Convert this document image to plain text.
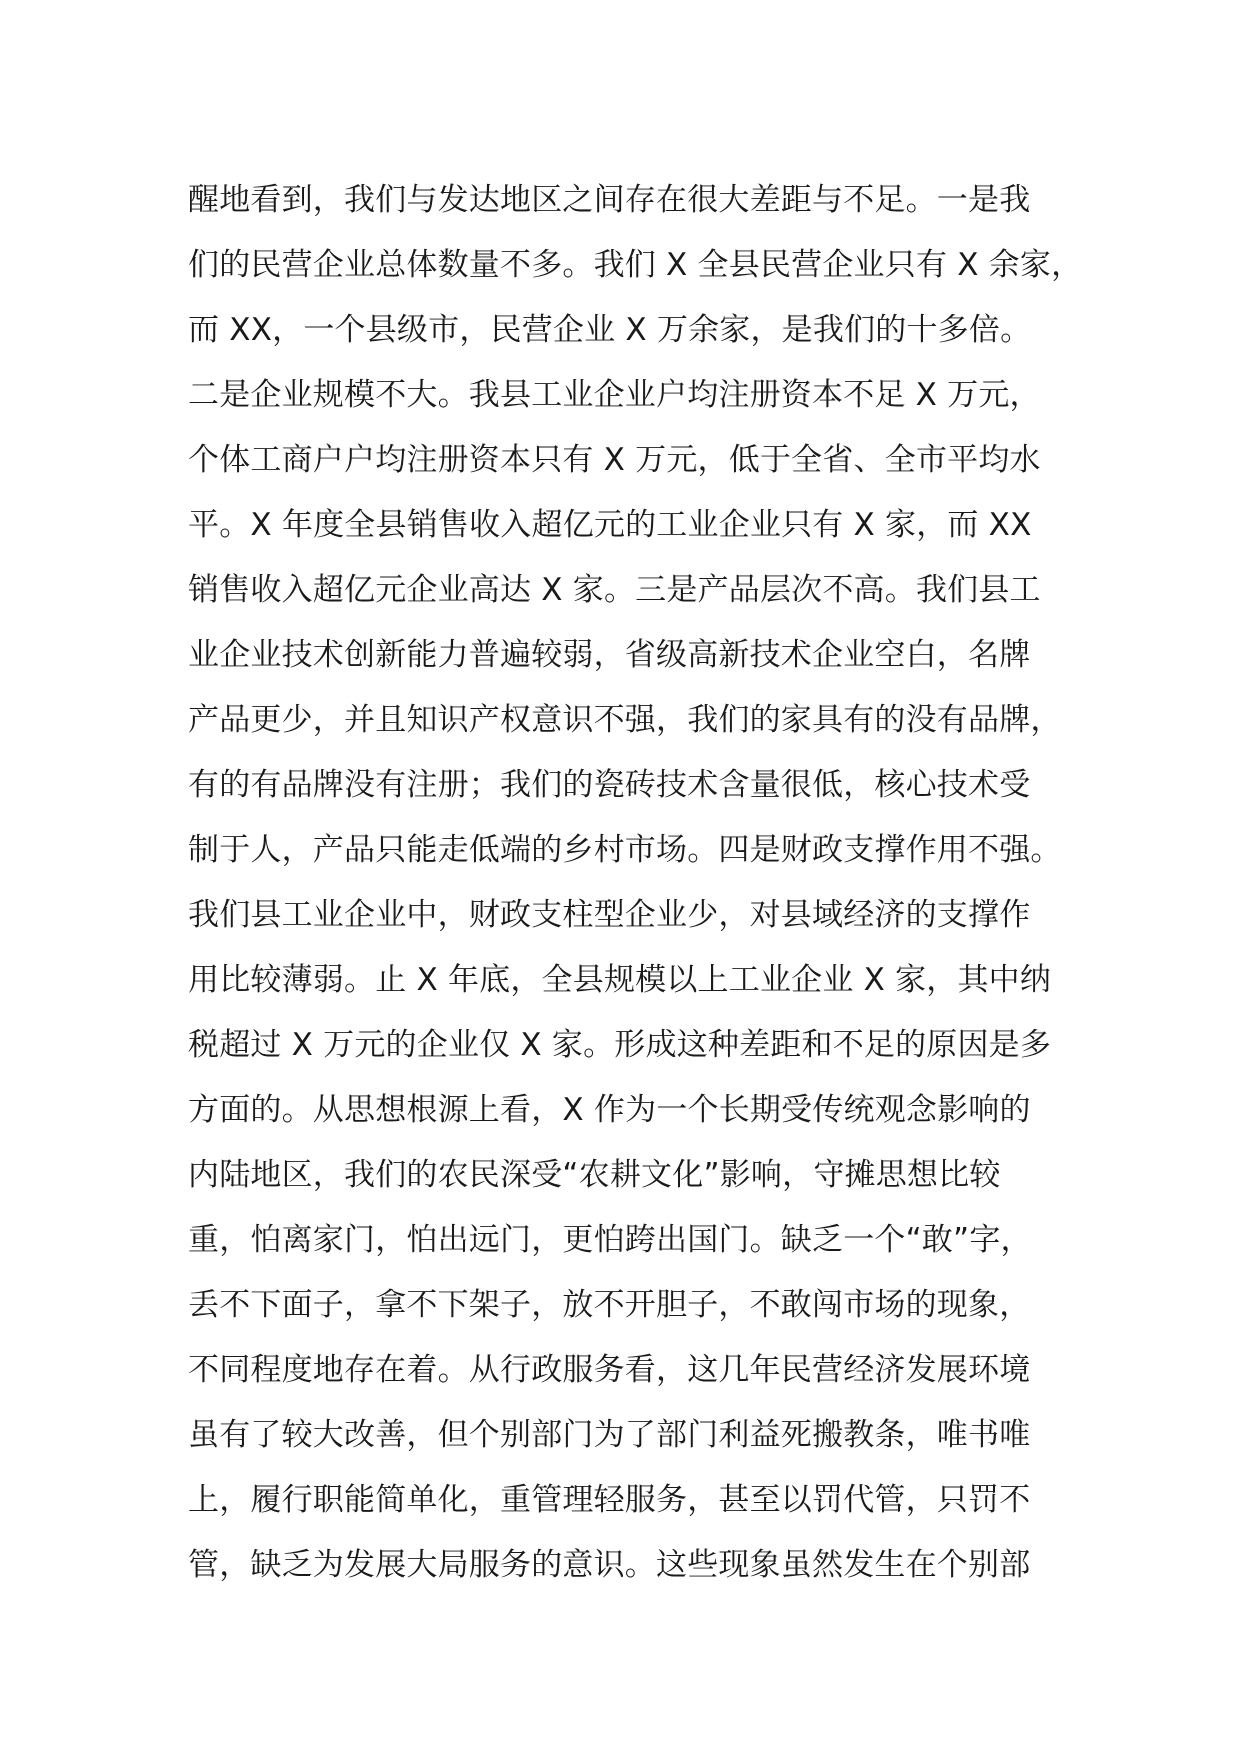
醒地看到，我们与发达地区之间存在很大差距与不足。一是我
们的民营企业总体数量不多。我们 X 全县民营企业只有 X 余家，
而 XX，一个县级市，民营企业 X 万余家，是我们的十多倍。
二是企业规模不大。我县工业企业户均注册资本不足 X 万元，
个体工商户户均注册资本只有 X 万元，低于全省、全市平均水
平。X 年度全县销售收入超亿元的工业企业只有 X 家，而 XX
销售收入超亿元企业高达 X 家。三是产品层次不高。我们县工
业企业技术创新能力普遍较弱，省级高新技术企业空白，名牌
产品更少，并且知识产权意识不强，我们的家具有的没有品牌，
有的有品牌没有注册；我们的瓷砖技术含量很低，核心技术受
制于人，产品只能走低端的乡村市场。四是财政支撑作用不强。
我们县工业企业中，财政支柱型企业少，对县域经济的支撑作
用比较薄弱。止 X 年底，全县规模以上工业企业 X 家，其中纳
税超过 X 万元的企业仅 X 家。形成这种差距和不足的原因是多
方面的。从思想根源上看，X 作为一个长期受传统观念影响的
内陆地区，我们的农民深受“农耕文化”影响，守摊思想比较
重，怕离家门，怕出远门，更怕跨出国门。缺乏一个“敢”字，
丢不下面子，拿不下架子，放不开胆子，不敢闯市场的现象，
不同程度地存在着。从行政服务看，这几年民营经济发展环境
虽有了较大改善，但个别部门为了部门利益死搬教条，唯书唯
上，履行职能简单化，重管理轻服务，甚至以罚代管，只罚不
管，缺乏为发展大局服务的意识。这些现象虽然发生在个别部
